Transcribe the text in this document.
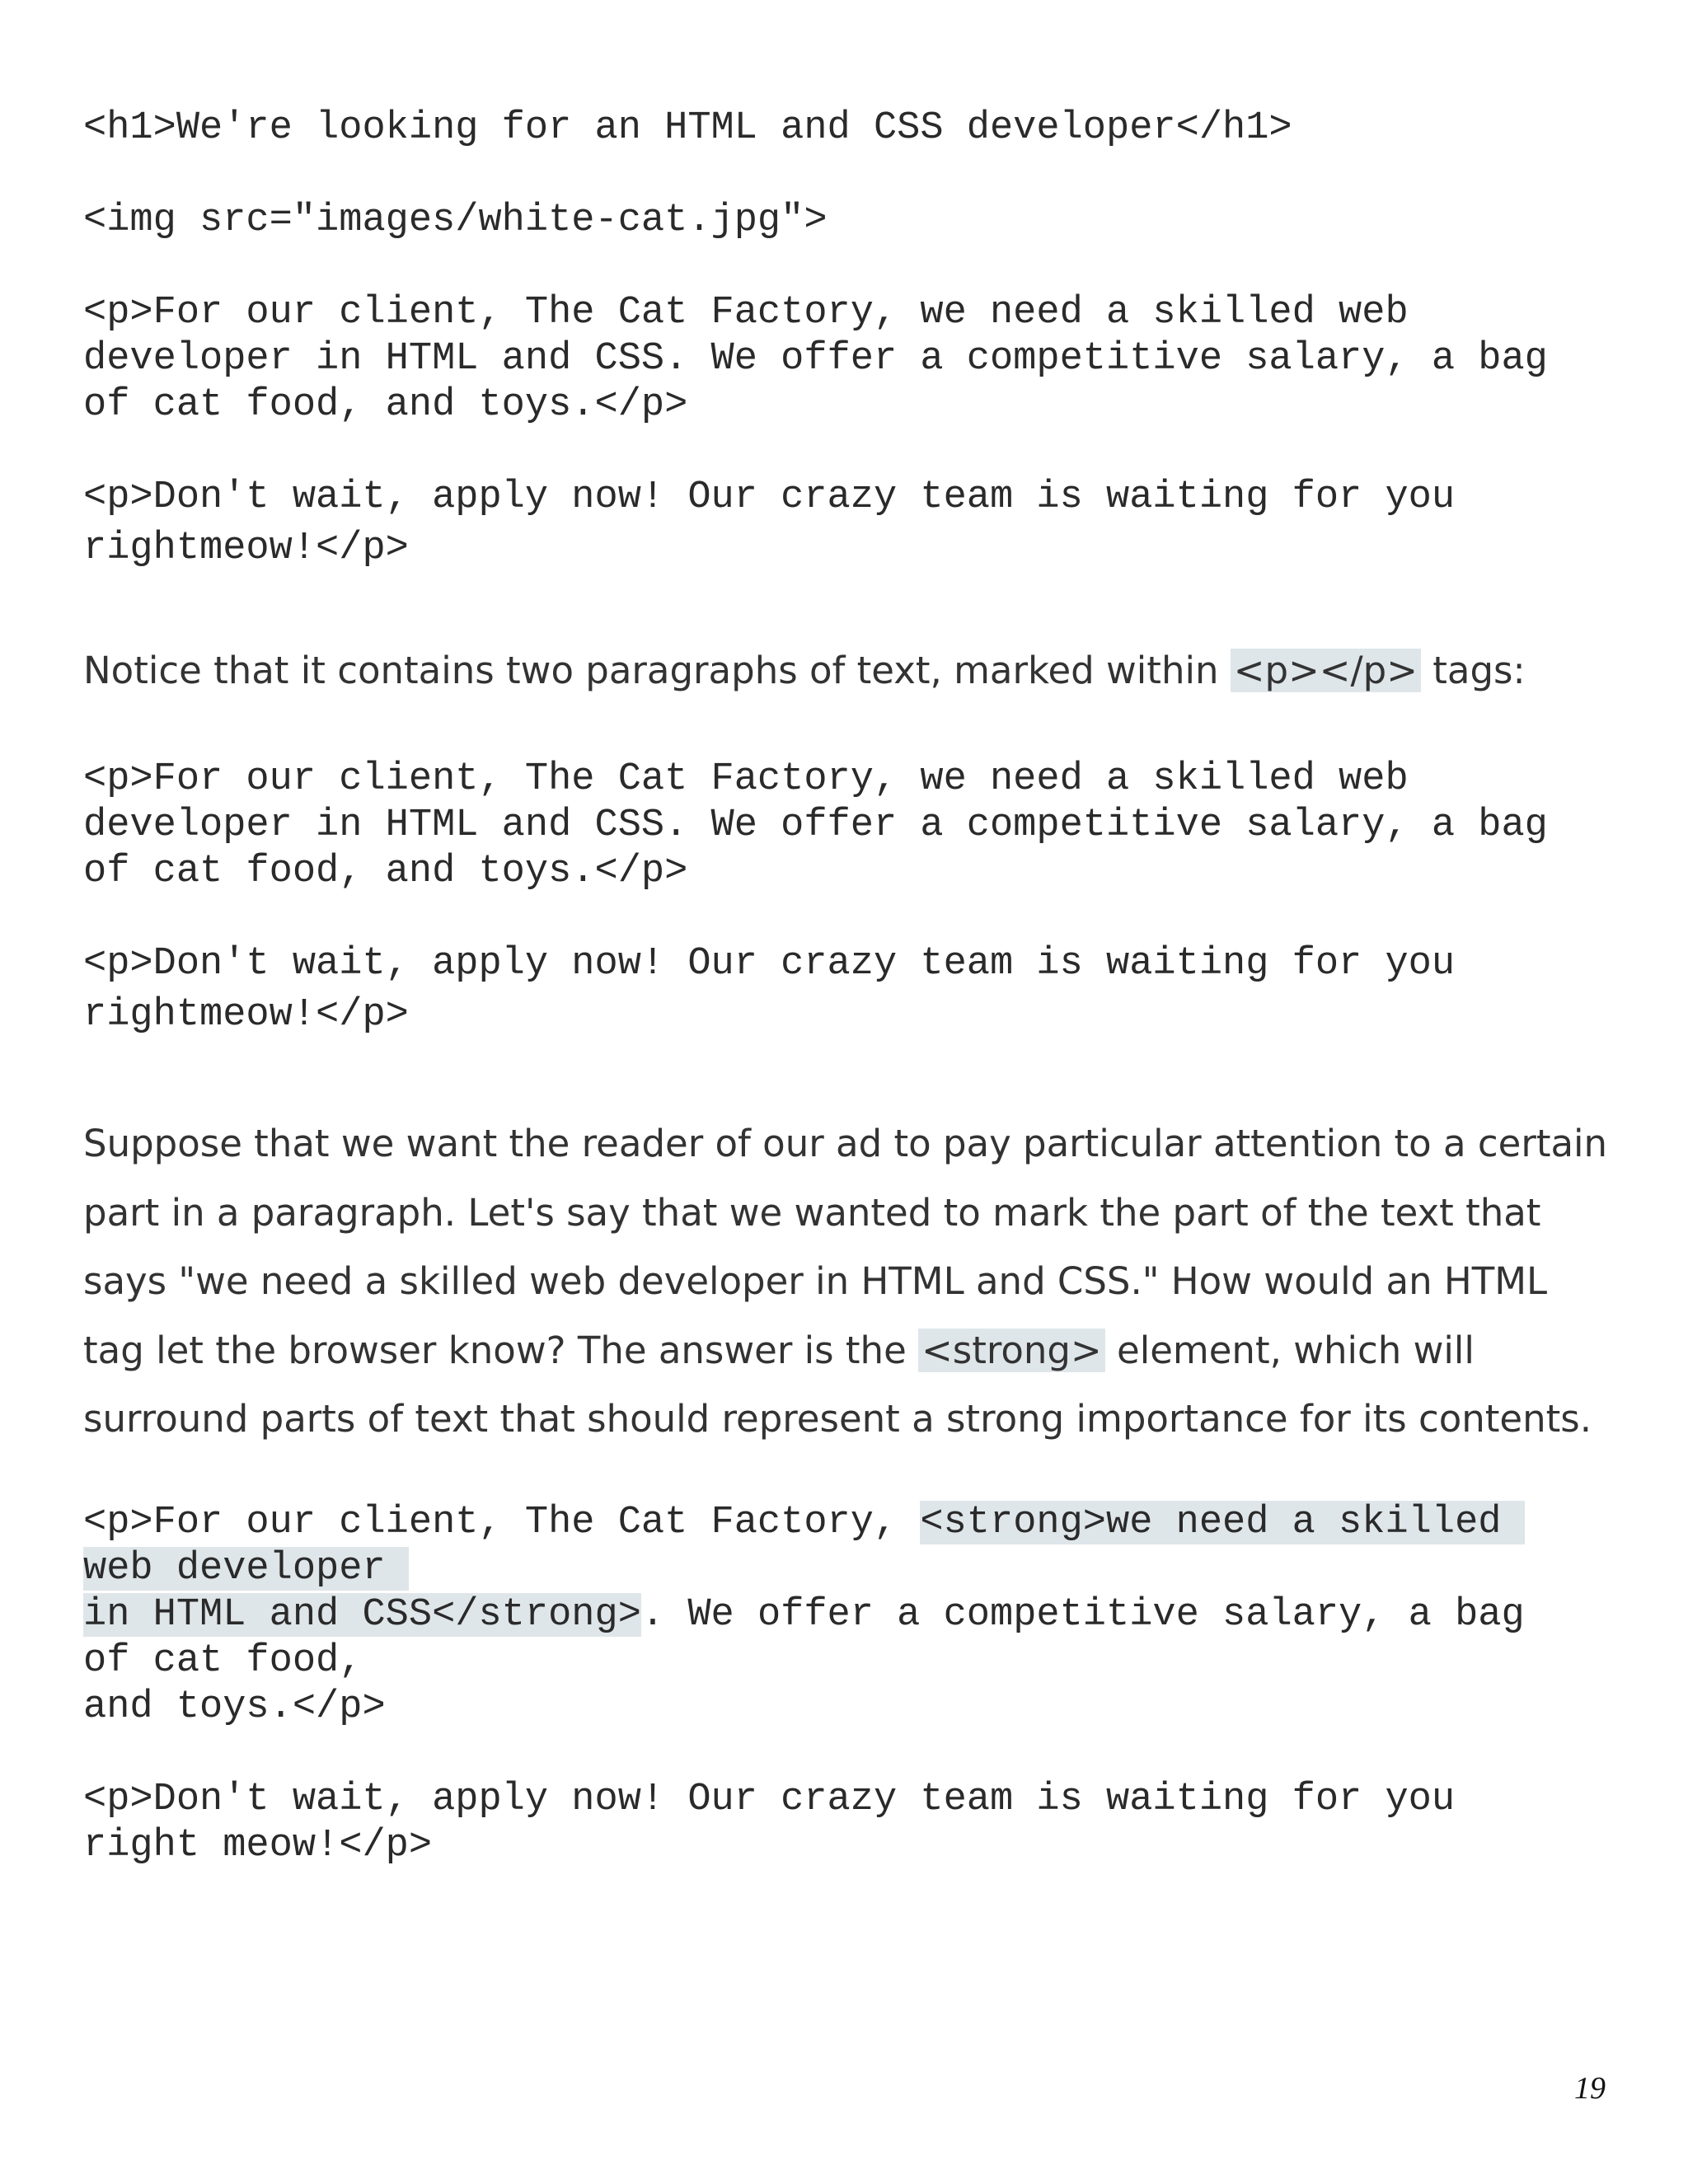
<h1>We're looking for an HTML and CSS developer</h1>
<img src="images/white-cat.jpg">
<p>For our client, The Cat Factory, we need a skilled web
developer in HTML and CSS. We offer a competitive salary, a bag
of cat food, and toys.</p>
<p>Don't wait, apply now! Our crazy team is waiting for you
rightmeow!</p>

Notice that it contains two paragraphs of text, marked within <p></p> tags:

<p>For our client, The Cat Factory, we need a skilled web
developer in HTML and CSS. We offer a competitive salary, a bag
of cat food, and toys.</p>
<p>Don't wait, apply now! Our crazy team is waiting for you
rightmeow!</p>

Suppose that we want the reader of our ad to pay particular attention to a certain part in a paragraph. Let's say that we wanted to mark the part of the text that says "we need a skilled web developer in HTML and CSS." How would an HTML tag let the browser know? The answer is the <strong> element, which will surround parts of text that should represent a strong importance for its contents.

<p>For our client, The Cat Factory, <strong>we need a skilled
web developer
in HTML and CSS</strong>. We offer a competitive salary, a bag
of cat food,
and toys.</p>
<p>Don't wait, apply now! Our crazy team is waiting for you
right meow!</p>
19
